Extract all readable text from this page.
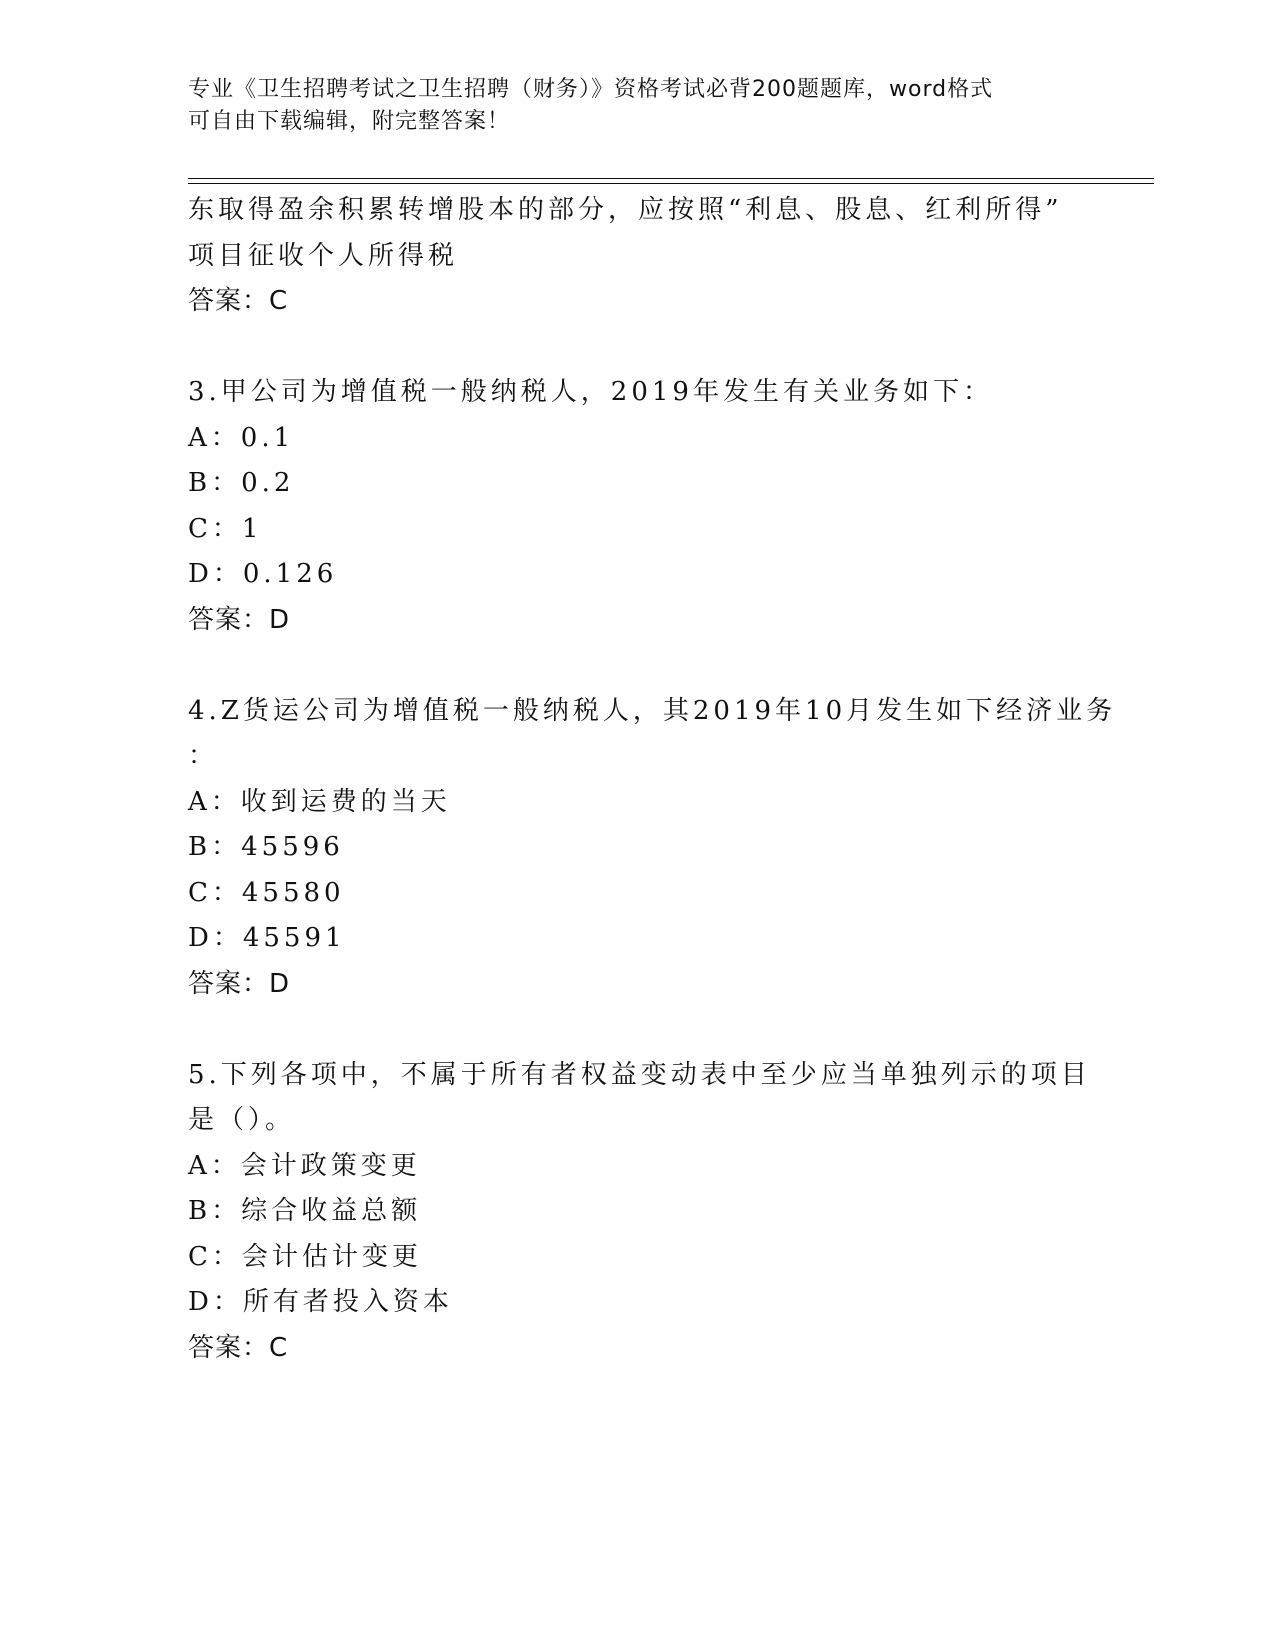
专业《卫生招聘考试之卫生招聘（财务）》资格考试必背200题题库，word格式
可自由下载编辑，附完整答案！
东取得盈余积累转增股本的部分，应按照“利息、股息、红利所得”
项目征收个人所得税
答案：C
3.甲公司为增值税一般纳税人，2019年发生有关业务如下：
A：0.1
B：0.2
C：1
D：0.126
答案：D
4.Z货运公司为增值税一般纳税人，其2019年10月发生如下经济业务
：
A：收到运费的当天
B：45596
C：45580
D：45591
答案：D
5.下列各项中，不属于所有者权益变动表中至少应当单独列示的项目
是（）。
A：会计政策变更
B：综合收益总额
C：会计估计变更
D：所有者投入资本
答案：C
